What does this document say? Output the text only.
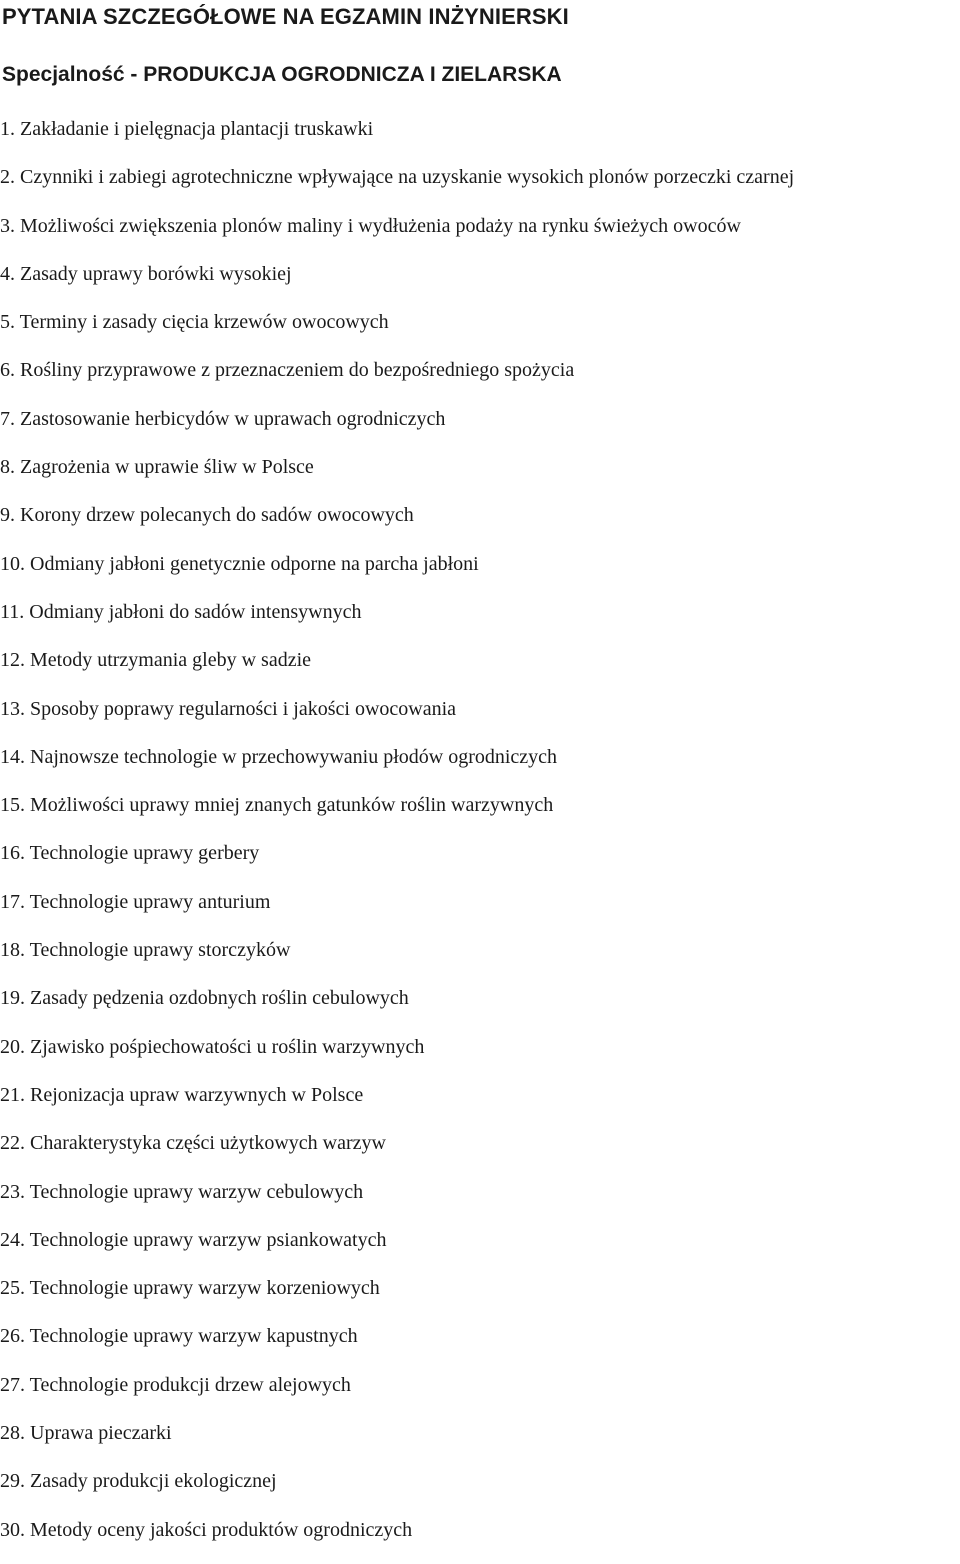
PYTANIA SZCZEGÓŁOWE NA EGZAMIN INŻYNIERSKI
Specjalność - PRODUKCJA OGRODNICZA I ZIELARSKA
1. Zakładanie i pielęgnacja plantacji truskawki
2. Czynniki i zabiegi agrotechniczne wpływające na uzyskanie wysokich plonów porzeczki czarnej
3. Możliwości zwiększenia plonów maliny i wydłużenia podaży na rynku świeżych owoców
4. Zasady uprawy borówki wysokiej
5. Terminy i zasady cięcia krzewów owocowych
6. Rośliny przyprawowe z przeznaczeniem do bezpośredniego spożycia
7. Zastosowanie herbicydów w uprawach ogrodniczych
8. Zagrożenia w uprawie śliw w Polsce
9. Korony drzew polecanych do sadów owocowych
10. Odmiany jabłoni genetycznie odporne na parcha jabłoni
11. Odmiany jabłoni do sadów intensywnych
12. Metody utrzymania gleby w sadzie
13. Sposoby poprawy regularności i jakości owocowania
14. Najnowsze technologie w przechowywaniu płodów ogrodniczych
15. Możliwości uprawy mniej znanych gatunków roślin warzywnych
16. Technologie uprawy gerbery
17. Technologie uprawy anturium
18. Technologie uprawy storczyków
19. Zasady pędzenia ozdobnych roślin cebulowych
20. Zjawisko pośpiechowatości u roślin warzywnych
21. Rejonizacja upraw warzywnych w Polsce
22. Charakterystyka części użytkowych warzyw
23. Technologie uprawy warzyw cebulowych
24. Technologie uprawy warzyw psiankowatych
25. Technologie uprawy warzyw korzeniowych
26. Technologie uprawy warzyw kapustnych
27. Technologie produkcji drzew alejowych
28. Uprawa pieczarki
29. Zasady produkcji ekologicznej
30. Metody oceny jakości produktów ogrodniczych
